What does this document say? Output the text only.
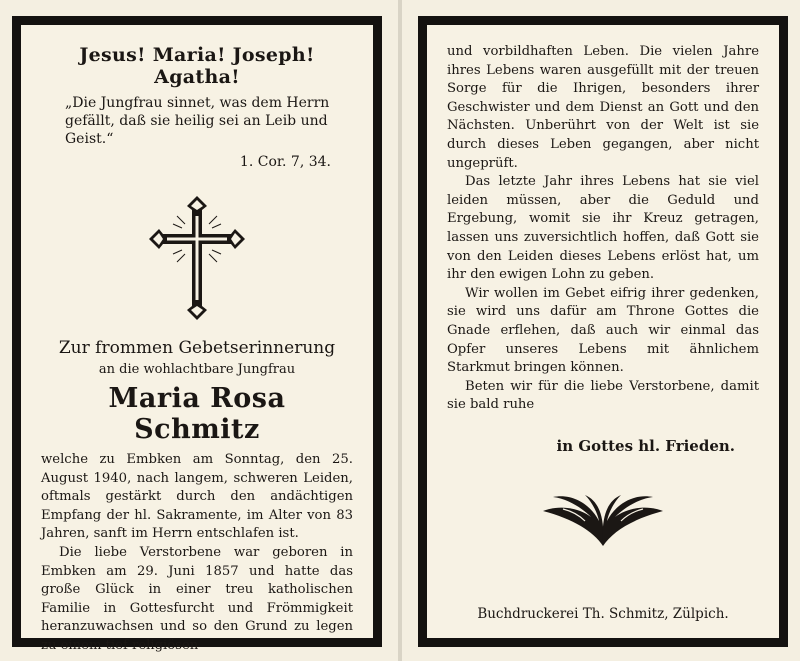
Jesus! Maria! Joseph! Agatha!
„Die Jungfrau sinnet, was dem Herrn gefällt, daß sie heilig sei an Leib und Geist.“
1. Cor. 7, 34.
Zur frommen Gebetserinnerung
an die wohlachtbare Jungfrau
Maria Rosa Schmitz

welche zu Embken am Sonntag, den 25. August 1940, nach langem, schweren Leiden, oftmals gestärkt durch den andächtigen Empfang der hl. Sakramente, im Alter von 83 Jahren, sanft im Herrn entschlafen ist.

Die liebe Verstorbene war geboren in Embken am 29. Juni 1857 und hatte das große Glück in einer treu katholischen Familie in Gottesfurcht und Frömmigkeit heranzuwachsen und so den Grund zu legen zu einem tief religiösen

und vorbildhaften Leben. Die vielen Jahre ihres Lebens waren ausgefüllt mit der treuen Sorge für die Ihrigen, besonders ihrer Geschwister und dem Dienst an Gott und den Nächsten. Unberührt von der Welt ist sie durch dieses Leben gegangen, aber nicht ungeprüft.

Das letzte Jahr ihres Lebens hat sie viel leiden müssen, aber die Geduld und Ergebung, womit sie ihr Kreuz getragen, lassen uns zuversichtlich hoffen, daß Gott sie von den Leiden dieses Lebens erlöst hat, um ihr den ewigen Lohn zu geben.

Wir wollen im Gebet eifrig ihrer gedenken, sie wird uns dafür am Throne Gottes die Gnade erflehen, daß auch wir einmal das Opfer unseres Lebens mit ähnlichem Starkmut bringen können.

Beten wir für die liebe Verstorbene, damit sie bald ruhe

in Gottes hl. Frieden.
Buchdruckerei Th. Schmitz, Zülpich.
